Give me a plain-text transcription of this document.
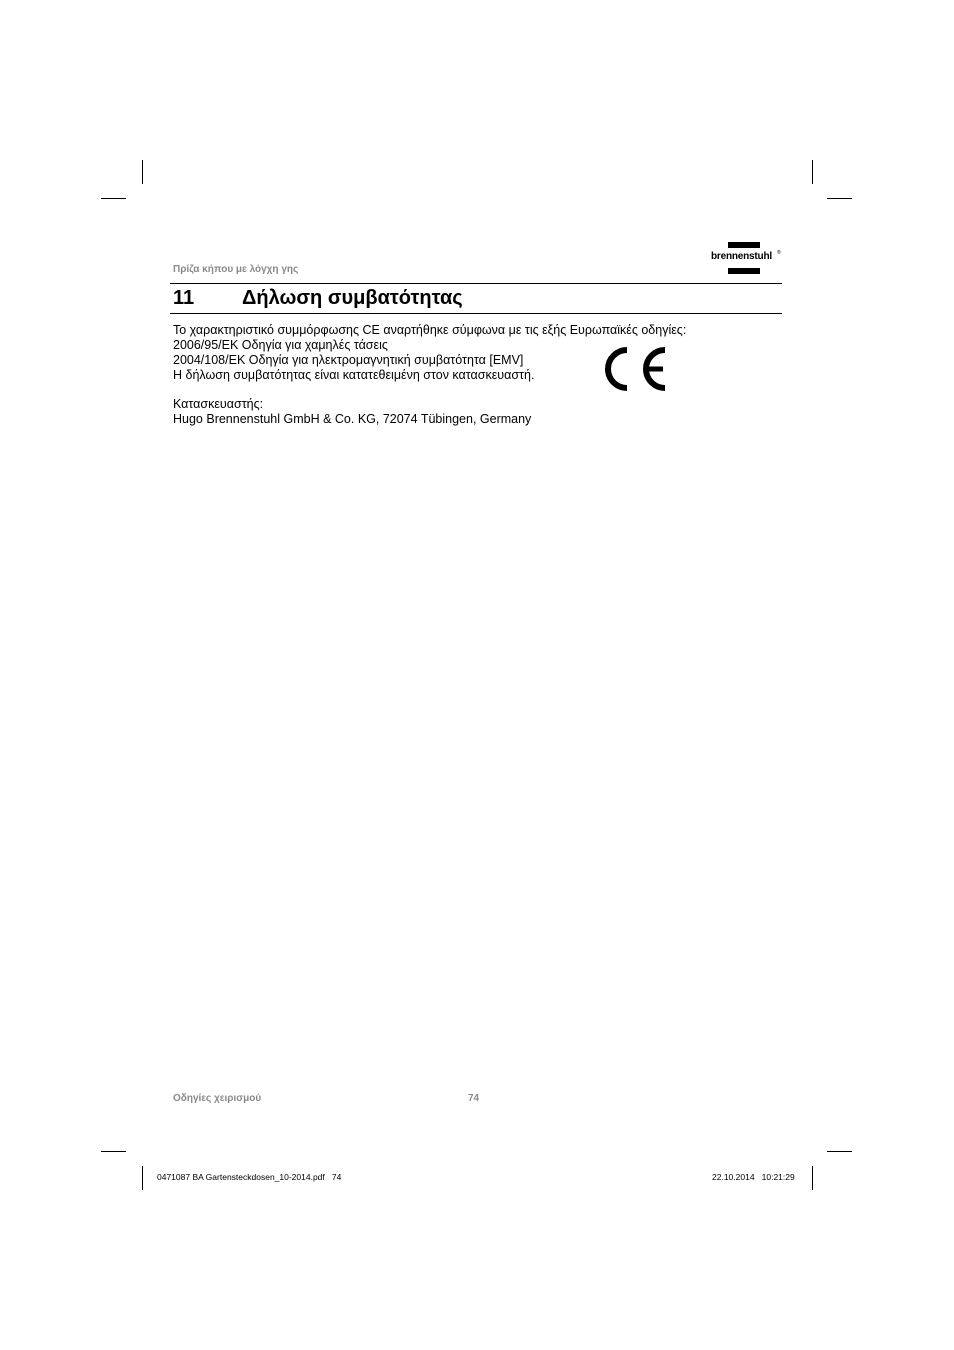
Πρίζα κήπου με λόγχη γης
brennenstuhl ®
11 Δήλωση συμβατότητας
Το χαρακτηριστικό συμμόρφωσης CE αναρτήθηκε σύμφωνα με τις εξής Ευρωπαϊκές οδηγίες:
2006/95/ΕΚ Οδηγία για χαμηλές τάσεις
2004/108/ΕΚ Οδηγία για ηλεκτρομαγνητική συμβατότητα [EMV]
Η δήλωση συμβατότητας είναι κατατεθειμένη στον κατασκευαστή.
Κατασκευαστής:
Hugo Brennenstuhl GmbH & Co. KG, 72074 Tübingen, Germany
Οδηγίες χειρισμού	74
0471087 BA Gartensteckdosen_10-2014.pdf   74	22.10.2014   10:21:29
